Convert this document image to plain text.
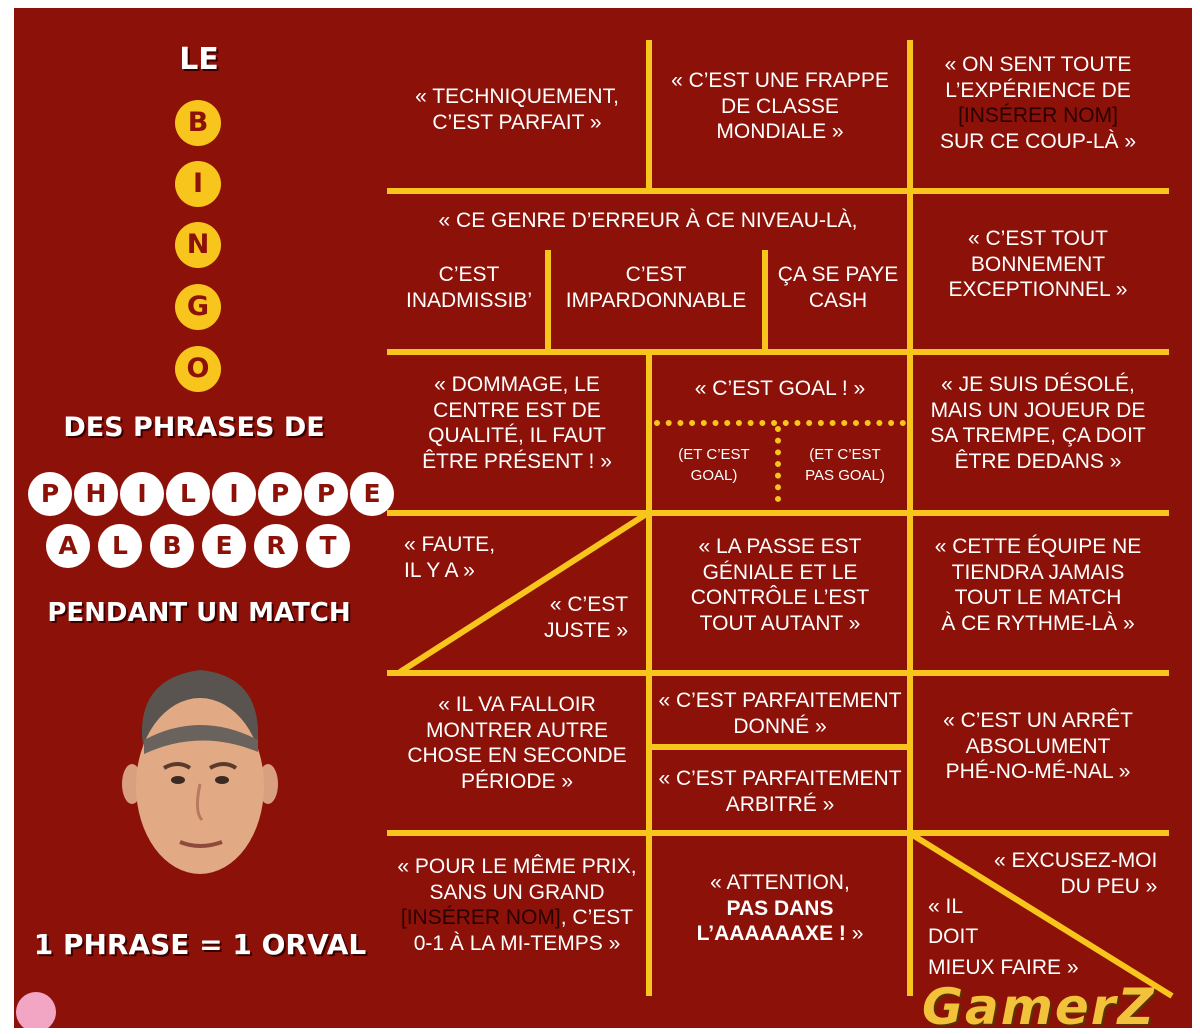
LE
B
I
N
G
O
DES PHRASES DE
P	H	I	L	I	P	P	E
A	L	B	E	R	T
PENDANT UN MATCH
1 PHRASE = 1 ORVAL
« TECHNIQUEMENT,
C’EST PARFAIT »
« C’EST UNE FRAPPE
DE CLASSE
MONDIALE »
« ON SENT TOUTE
L’EXPÉRIENCE DE
[INSÉRER NOM]
SUR CE COUP-LÀ »
« CE GENRE D’ERREUR À CE NIVEAU-LÀ,
C’EST
INADMISSIB’
C’EST
IMPARDONNABLE
ÇA SE PAYE
CASH
« C’EST TOUT
BONNEMENT
EXCEPTIONNEL »
« DOMMAGE, LE
CENTRE EST DE
QUALITÉ, IL FAUT
ÊTRE PRÉSENT ! »
« C’EST GOAL ! »
(ET C’EST
GOAL)
(ET C’EST
PAS GOAL)
« JE SUIS DÉSOLÉ,
MAIS UN JOUEUR DE
SA TREMPE, ÇA DOIT
ÊTRE DEDANS »
« FAUTE,
IL Y A »
« C’EST
JUSTE »
« LA PASSE EST
GÉNIALE ET LE
CONTRÔLE L’EST
TOUT AUTANT »
« CETTE ÉQUIPE NE
TIENDRA JAMAIS
TOUT LE MATCH
À CE RYTHME-LÀ »
« IL VA FALLOIR
MONTRER AUTRE
CHOSE EN SECONDE
PÉRIODE »
« C’EST PARFAITEMENT
DONNÉ »
« C’EST PARFAITEMENT
ARBITRÉ »
« C’EST UN ARRÊT
ABSOLUMENT
PHÉ-NO-MÉ-NAL »
« POUR LE MÊME PRIX,
SANS UN GRAND
[INSÉRER NOM], C’EST
0-1 À LA MI-TEMPS »
« ATTENTION,
PAS DANS
L’AAAAAAXE ! »
« EXCUSEZ-MOI
DU PEU »
« IL
DOIT
MIEUX FAIRE »
GamerZ
